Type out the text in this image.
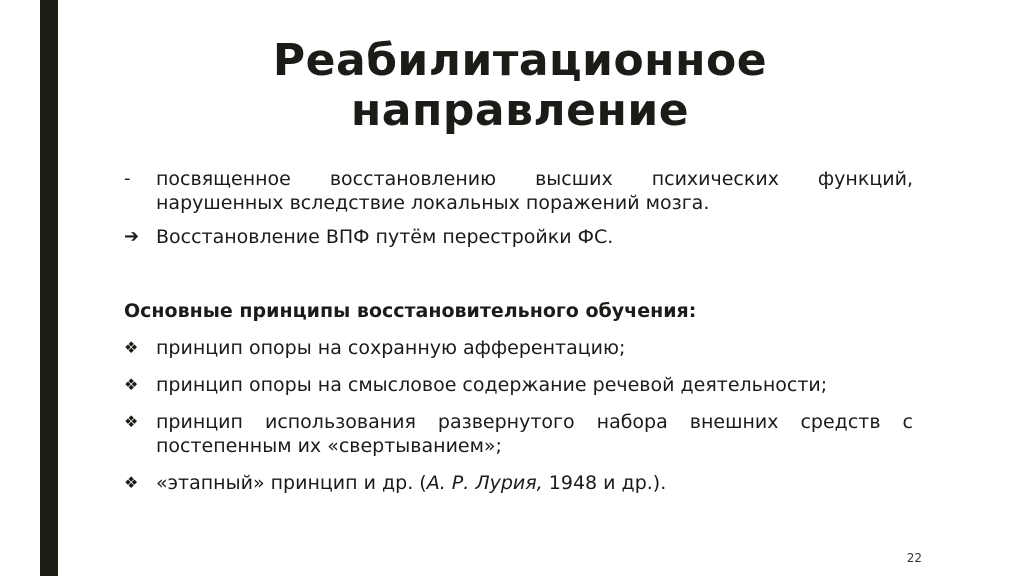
Реабилитационное
направление
-	посвященное восстановлению высших психических функций, нарушенных вследствие локальных поражений мозга.
➔ Восстановление ВПФ путём перестройки ФС.
Основные принципы восстановительного обучения:
❖ принцип опоры на сохранную афферентацию;
❖ принцип опоры на смысловое содержание речевой деятельности;
❖ принцип использования развернутого набора внешних средств с постепенным их «свертыванием»;
❖ «этапный» принцип и др. (А. Р. Лурия, 1948 и др.).
22
